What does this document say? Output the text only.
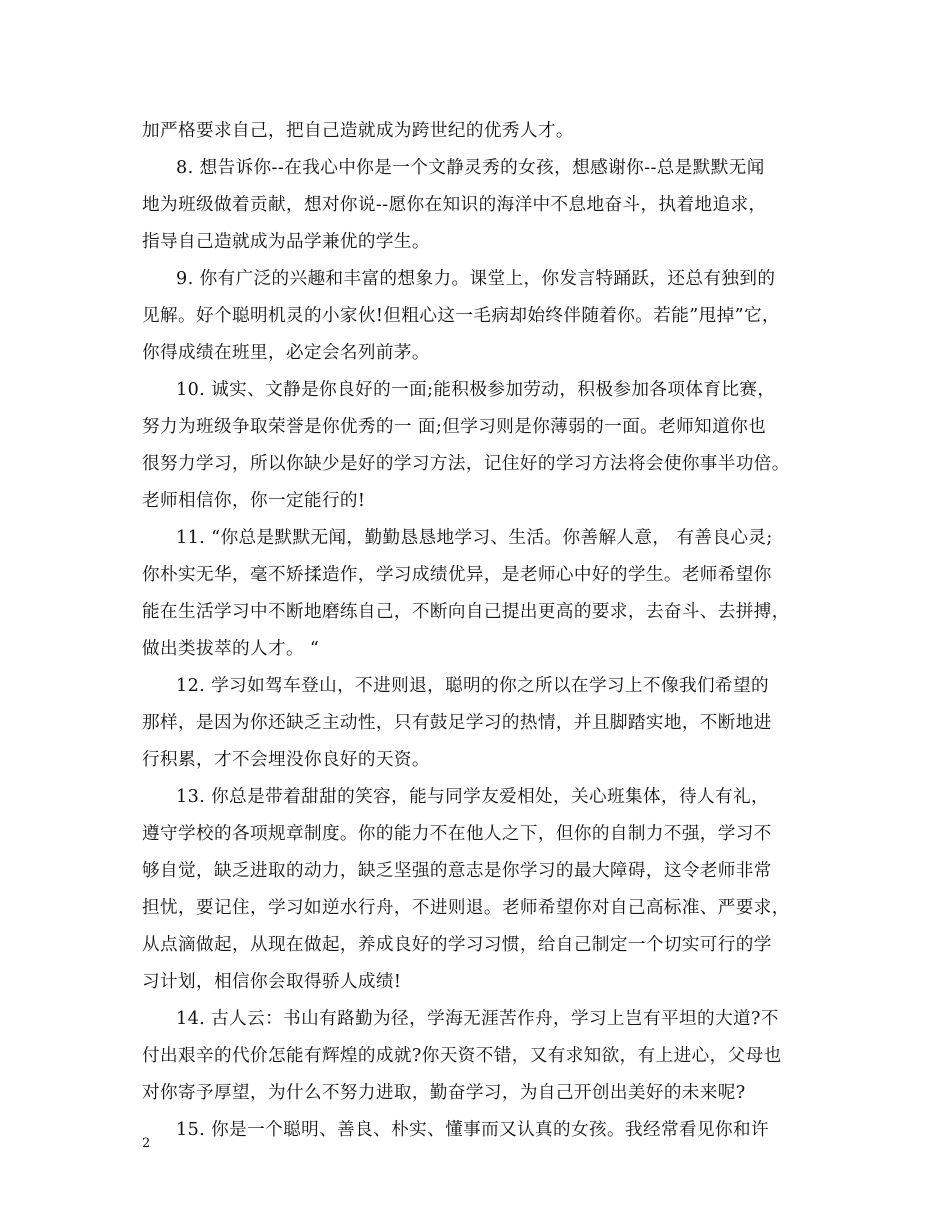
加严格要求自己，把自己造就成为跨世纪的优秀人才。
8. 想告诉你--在我心中你是一个文静灵秀的女孩，想感谢你--总是默默无闻
地为班级做着贡献，想对你说--愿你在知识的海洋中不息地奋斗，执着地追求，
指导自己造就成为品学兼优的学生。
9. 你有广泛的兴趣和丰富的想象力。课堂上，你发言特踊跃，还总有独到的
见解。好个聪明机灵的小家伙!但粗心这一毛病却始终伴随着你。若能”甩掉”它，
你得成绩在班里，必定会名列前茅。
10. 诚实、文静是你良好的一面;能积极参加劳动，积极参加各项体育比赛，
努力为班级争取荣誉是你优秀的一 面;但学习则是你薄弱的一面。老师知道你也
很努力学习，所以你缺少是好的学习方法，记住好的学习方法将会使你事半功倍。
老师相信你，你一定能行的!
11. “你总是默默无闻，勤勤恳恳地学习、生活。你善解人意， 有善良心灵;
你朴实无华，毫不矫揉造作，学习成绩优异，是老师心中好的学生。老师希望你
能在生活学习中不断地磨练自己，不断向自己提出更高的要求，去奋斗、去拼搏，
做出类拔萃的人才。 “
12. 学习如驾车登山，不进则退，聪明的你之所以在学习上不像我们希望的
那样，是因为你还缺乏主动性，只有鼓足学习的热情，并且脚踏实地，不断地进
行积累，才不会埋没你良好的天资。
13. 你总是带着甜甜的笑容，能与同学友爱相处，关心班集体，待人有礼，
遵守学校的各项规章制度。你的能力不在他人之下，但你的自制力不强，学习不
够自觉，缺乏进取的动力，缺乏坚强的意志是你学习的最大障碍，这令老师非常
担忧，要记住，学习如逆水行舟，不进则退。老师希望你对自己高标准、严要求，
从点滴做起，从现在做起，养成良好的学习习惯，给自己制定一个切实可行的学
习计划，相信你会取得骄人成绩!
14. 古人云：书山有路勤为径，学海无涯苦作舟，学习上岂有平坦的大道?不
付出艰辛的代价怎能有辉煌的成就?你天资不错，又有求知欲，有上进心，父母也
对你寄予厚望，为什么不努力进取，勤奋学习，为自己开创出美好的未来呢?
15. 你是一个聪明、善良、朴实、懂事而又认真的女孩。我经常看见你和许
2
